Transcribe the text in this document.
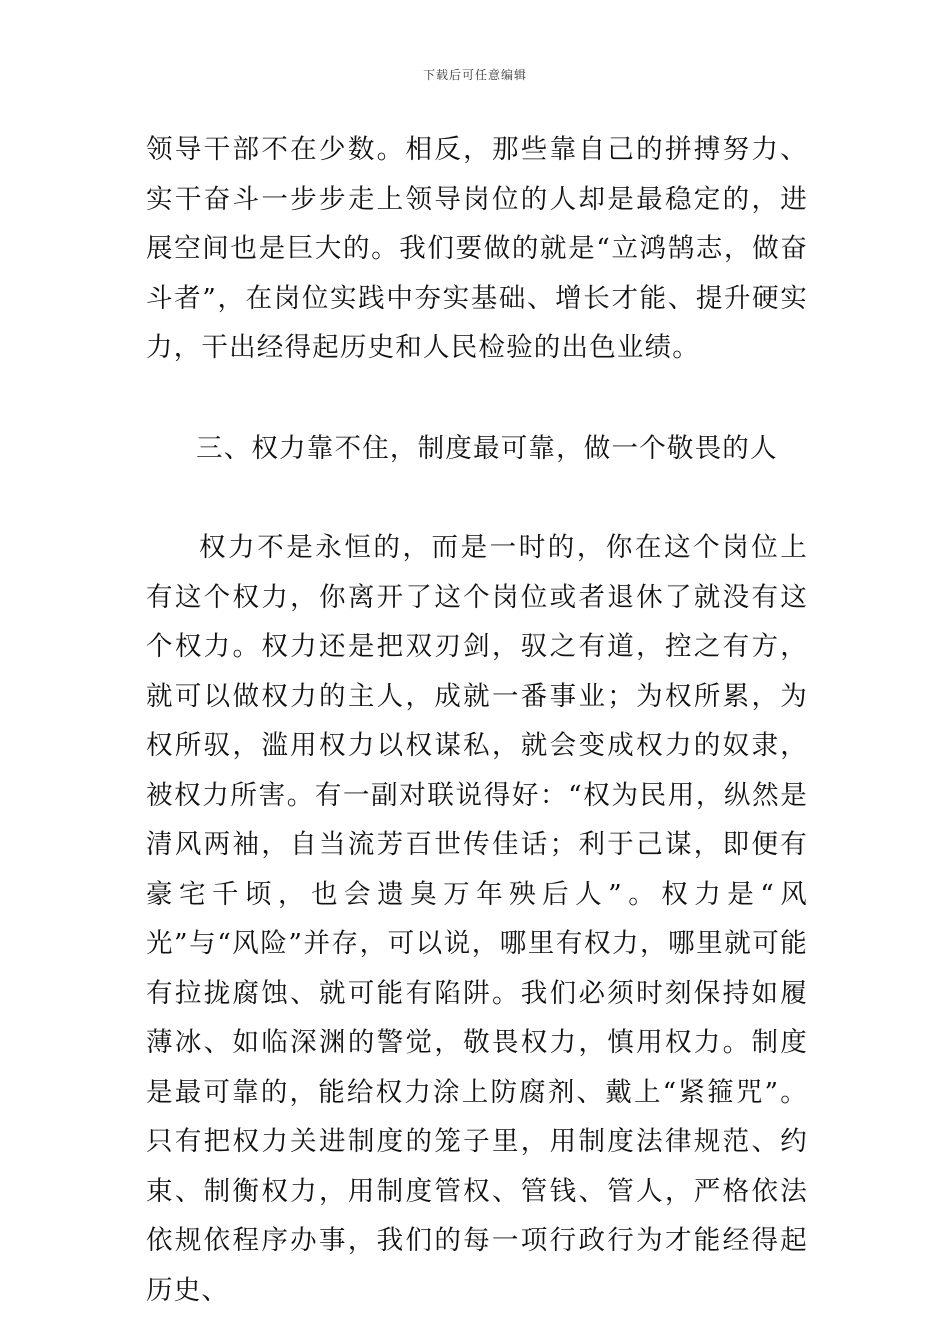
下载后可任意编辑

领导干部不在少数。相反，那些靠自己的拼搏努力、实干奋斗一步步走上领导岗位的人却是最稳定的，进展空间也是巨大的。我们要做的就是“立鸿鹄志，做奋斗者”，在岗位实践中夯实基础、增长才能、提升硬实力，干出经得起历史和人民检验的出色业绩。

三、权力靠不住，制度最可靠，做一个敬畏的人

权力不是永恒的，而是一时的，你在这个岗位上有这个权力，你离开了这个岗位或者退休了就没有这个权力。权力还是把双刃剑，驭之有道，控之有方，就可以做权力的主人，成就一番事业；为权所累，为权所驭，滥用权力以权谋私，就会变成权力的奴隶，被权力所害。有一副对联说得好：“权为民用，纵然是清风两袖，自当流芳百世传佳话；利于己谋，即便有豪宅千顷，也会遗臭万年殃后人”。权力是“风光”与“风险”并存，可以说，哪里有权力，哪里就可能有拉拢腐蚀、就可能有陷阱。我们必须时刻保持如履薄冰、如临深渊的警觉，敬畏权力，慎用权力。制度是最可靠的，能给权力涂上防腐剂、戴上“紧箍咒”。只有把权力关进制度的笼子里，用制度法律规范、约束、制衡权力，用制度管权、管钱、管人，严格依法依规依程序办事，我们的每一项行政行为才能经得起历史、
